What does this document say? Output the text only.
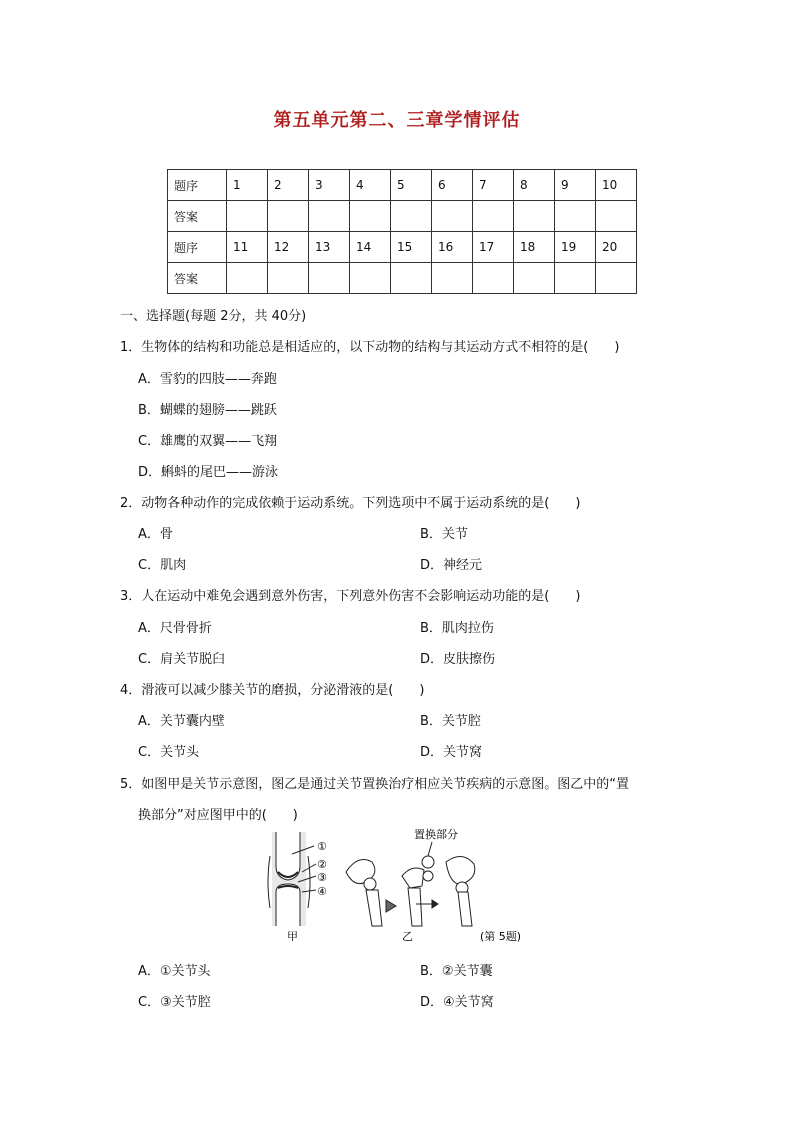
第五单元第二、三章学情评估
题序	1	2	3	4	5	6	7	8	9	10
答案										
题序	11	12	13	14	15	16	17	18	19	20
答案										
一、选择题(每题 2分，共 40分)
1．生物体的结构和功能总是相适应的，以下动物的结构与其运动方式不相符的是(　　)
A．雪豹的四肢——奔跑
B．蝴蝶的翅膀——跳跃
C．雄鹰的双翼——飞翔
D．蝌蚪的尾巴——游泳
2．动物各种动作的完成依赖于运动系统。下列选项中不属于运动系统的是(　　)
A．骨	B．关节
C．肌肉	D．神经元
3．人在运动中难免会遇到意外伤害，下列意外伤害不会影响运动功能的是(　　)
A．尺骨骨折	B．肌肉拉伤
C．肩关节脱臼	D．皮肤擦伤
4．滑液可以减少膝关节的磨损，分泌滑液的是(　　)
A．关节囊内壁	B．关节腔
C．关节头	D．关节窝
5．如图甲是关节示意图，图乙是通过关节置换治疗相应关节疾病的示意图。图乙中的“置
换部分”对应图甲中的(　　)
①
②
③
④
甲
置换部分
乙	(第 5题)
A．①关节头	B．②关节囊
C．③关节腔	D．④关节窝
